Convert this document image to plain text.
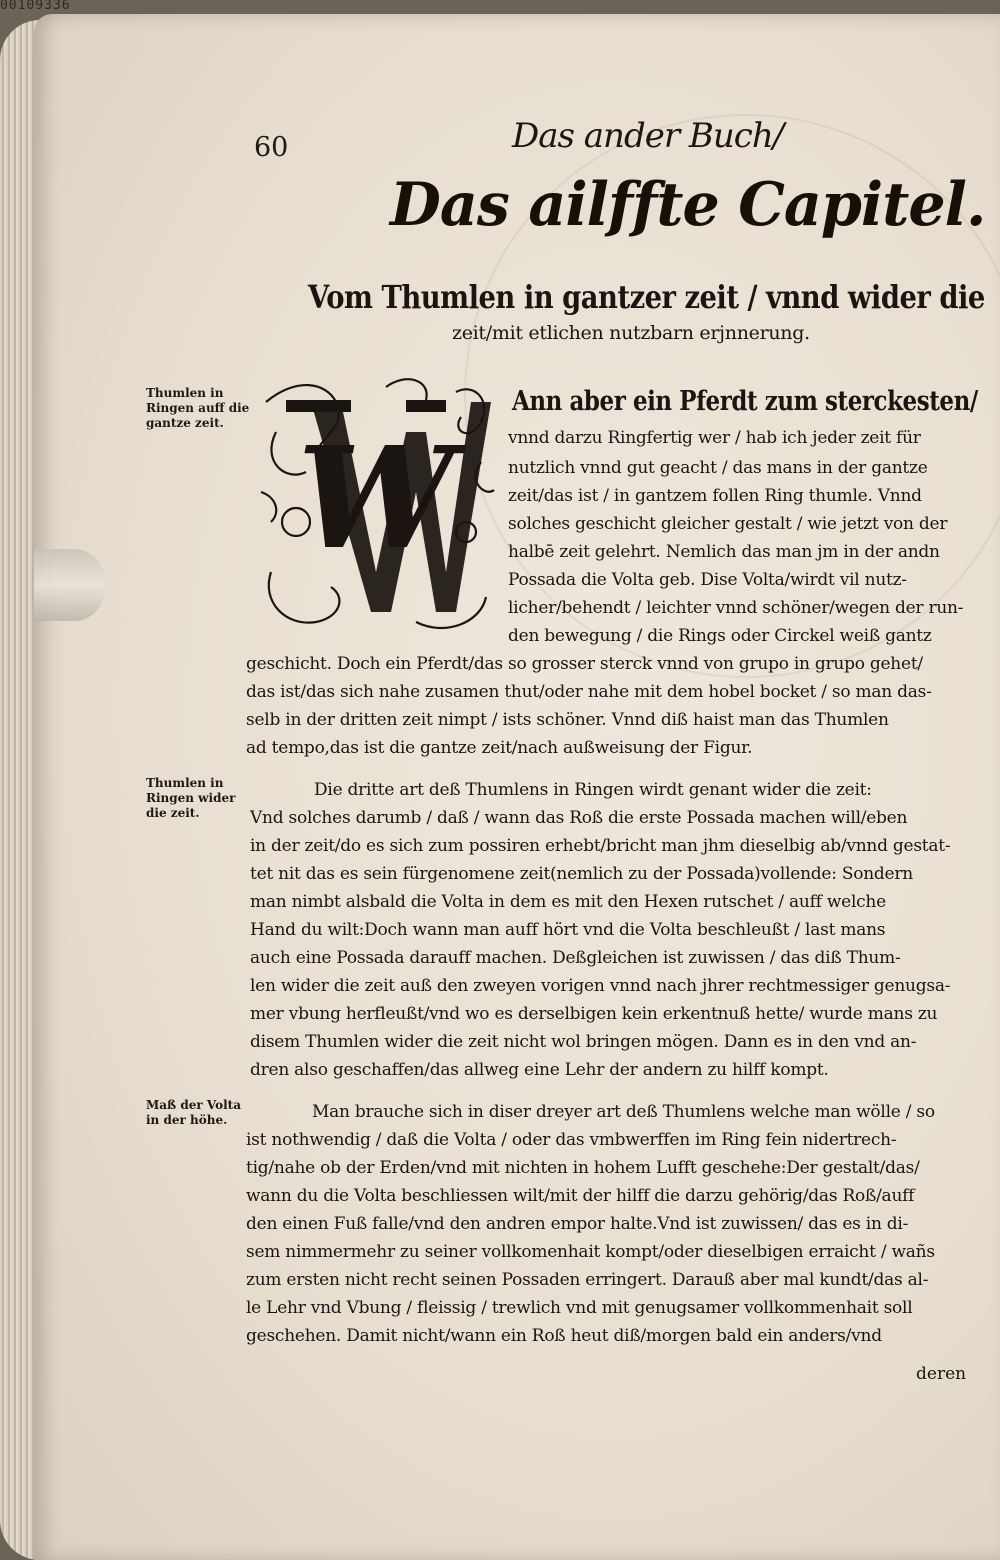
00109336
60	Das ander Buch/
Das ailffte Capitel.
Vom Thumlen in gantzer zeit / vnnd wider die
zeit/mit etlichen nutzbarn erjnnerung.
Thumlen in Ringen auff die gantze zeit.
Thumlen in Ringen wider die zeit.
Maß der Volta in der höhe.
W
Ann aber ein Pferdt zum sterckesten/
vnnd darzu Ringfertig wer / hab ich jeder zeit für
nutzlich vnnd gut geacht / das mans in der gantze
zeit/das ist / in gantzem follen Ring thumle. Vnnd
solches geschicht gleicher gestalt / wie jetzt von der
halbē zeit gelehrt. Nemlich das man jm in der andn
Possada die Volta geb. Dise Volta/wirdt vil nutz-
licher/behendt / leichter vnnd schöner/wegen der run-
den bewegung / die Rings oder Circkel weiß gantz
geschicht. Doch ein Pferdt/das so grosser sterck vnnd von grupo in grupo gehet/
das ist/das sich nahe zusamen thut/oder nahe mit dem hobel bocket / so man das-
selb in der dritten zeit nimpt / ists schöner. Vnnd diß haist man das Thumlen
ad tempo,das ist die gantze zeit/nach außweisung der Figur.
Die dritte art deß Thumlens in Ringen wirdt genant wider die zeit:
Vnd solches darumb / daß / wann das Roß die erste Possada machen will/eben
in der zeit/do es sich zum possiren erhebt/bricht man jhm dieselbig ab/vnnd gestat-
tet nit das es sein fürgenomene zeit(nemlich zu der Possada)vollende: Sondern
man nimbt alsbald die Volta in dem es mit den Hexen rutschet / auff welche
Hand du wilt:Doch wann man auff hört vnd die Volta beschleußt / last mans
auch eine Possada darauff machen. Deßgleichen ist zuwissen / das diß Thum-
len wider die zeit auß den zweyen vorigen vnnd nach jhrer rechtmessiger genugsa-
mer vbung herfleußt/vnd wo es derselbigen kein erkentnuß hette/ wurde mans zu
disem Thumlen wider die zeit nicht wol bringen mögen. Dann es in den vnd an-
dren also geschaffen/das allweg eine Lehr der andern zu hilff kompt.
Man brauche sich in diser dreyer art deß Thumlens welche man wölle / so
ist nothwendig / daß die Volta / oder das vmbwerffen im Ring fein nidertrech-
tig/nahe ob der Erden/vnd mit nichten in hohem Lufft geschehe:Der gestalt/das/
wann du die Volta beschliessen wilt/mit der hilff die darzu gehörig/das Roß/auff
den einen Fuß falle/vnd den andren empor halte.Vnd ist zuwissen/ das es in di-
sem nimmermehr zu seiner vollkomenhait kompt/oder dieselbigen erraicht / wañs
zum ersten nicht recht seinen Possaden erringert. Darauß aber mal kundt/das al-
le Lehr vnd Vbung / fleissig / trewlich vnd mit genugsamer vollkommenhait soll
geschehen. Damit nicht/wann ein Roß heut diß/morgen bald ein anders/vnd
deren
